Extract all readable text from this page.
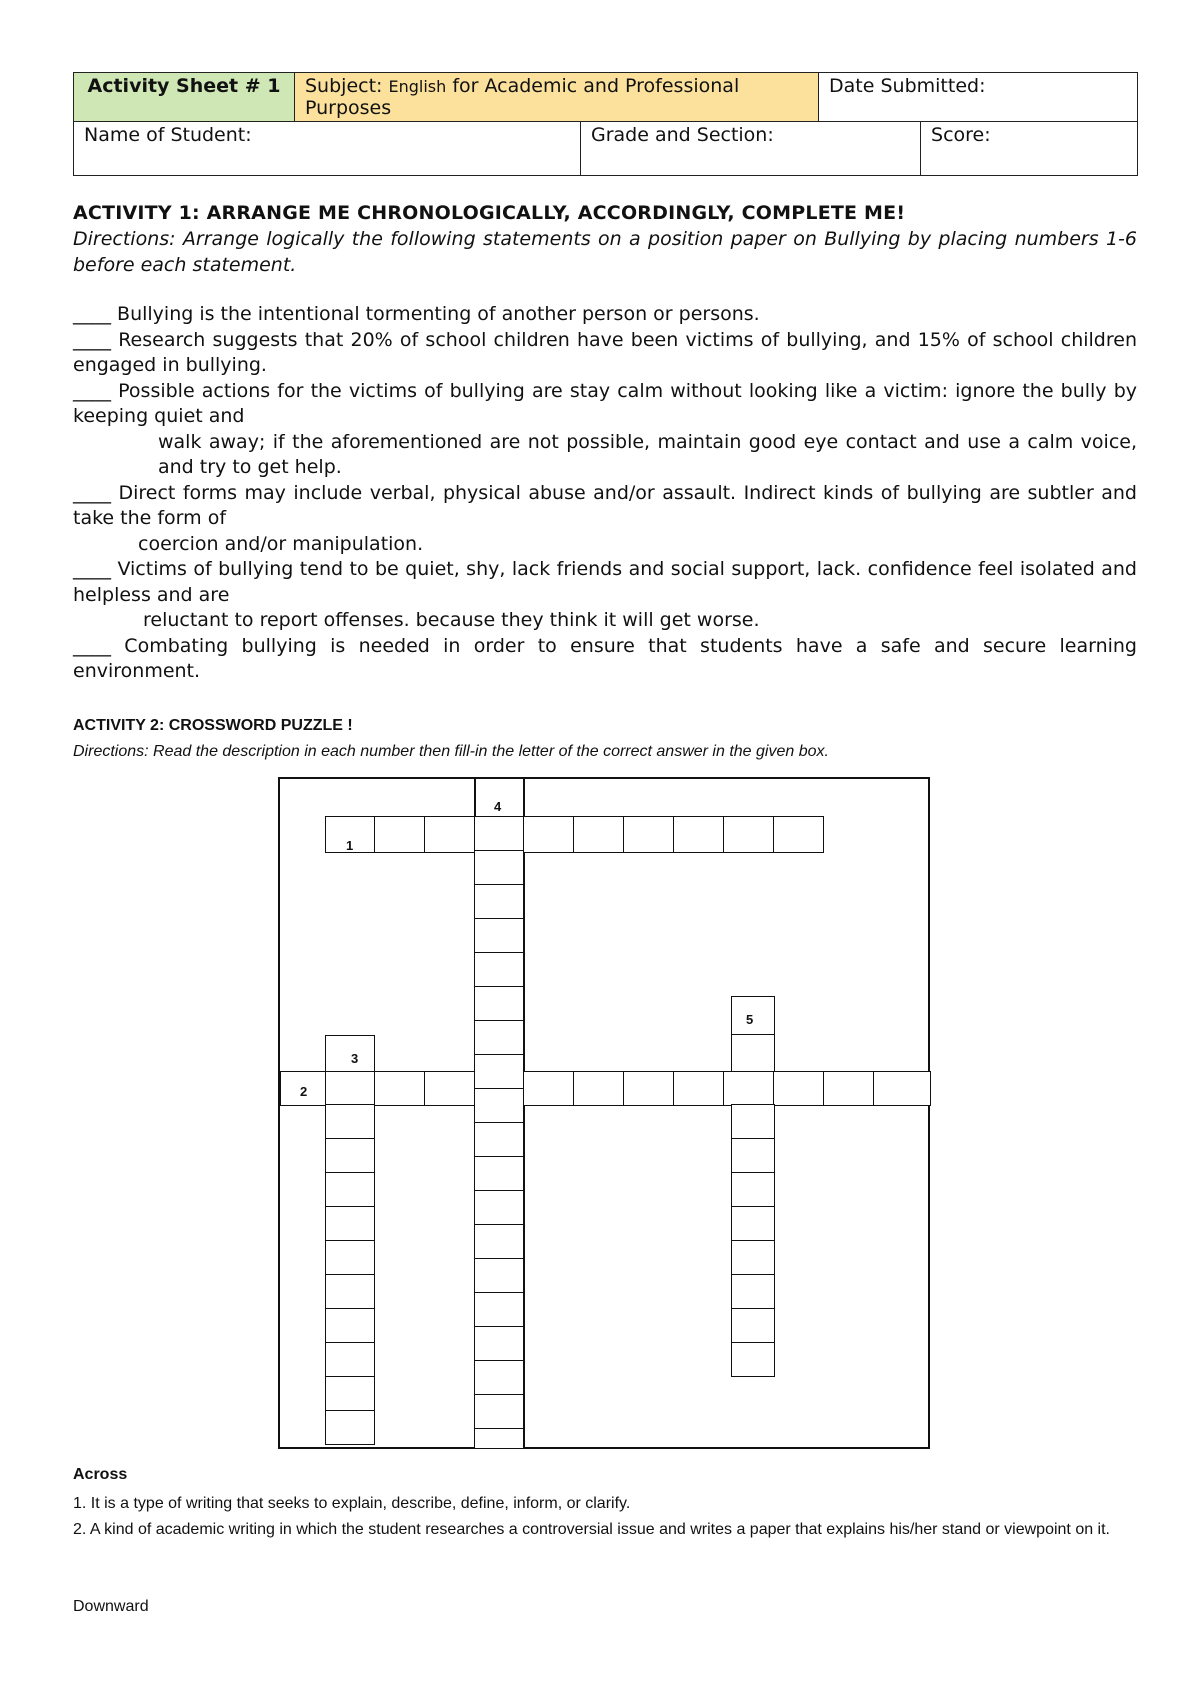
Activity Sheet # 1	Subject: English for Academic and Professional Purposes		Date Submitted:	
Name of Student:		Grade and Section:		Score:
ACTIVITY 1: ARRANGE ME CHRONOLOGICALLY, ACCORDINGLY, COMPLETE ME!
Directions: Arrange logically the following statements on a position paper on Bullying by placing numbers 1-6 before each statement.
____ Bullying is the intentional tormenting of another person or persons.
____ Research suggests that 20% of school children have been victims of bullying, and 15% of school children engaged in bullying.
____ Possible actions for the victims of bullying are stay calm without looking like a victim: ignore the bully by keeping quiet and
walk away; if the aforementioned are not possible, maintain good eye contact and use a calm voice, and try to get help.
____ Direct forms may include verbal, physical abuse and/or assault. Indirect kinds of bullying are subtler and take the form of
coercion and/or manipulation.
____ Victims of bullying tend to be quiet, shy, lack friends and social support, lack. confidence feel isolated and helpless and are
reluctant to report offenses. because they think it will get worse.
____ Combating bullying is needed in order to ensure that students have a safe and secure learning environment.
ACTIVITY 2: CROSSWORD PUZZLE !
Directions: Read the description in each number then fill-in the letter of the correct answer in the given box.
1
2
3
4
5
Across
1. It is a type of writing that seeks to explain, describe, define, inform, or clarify.
2. A kind of academic writing in which the student researches a controversial issue and writes a paper that explains his/her stand or viewpoint on it.
Downward
